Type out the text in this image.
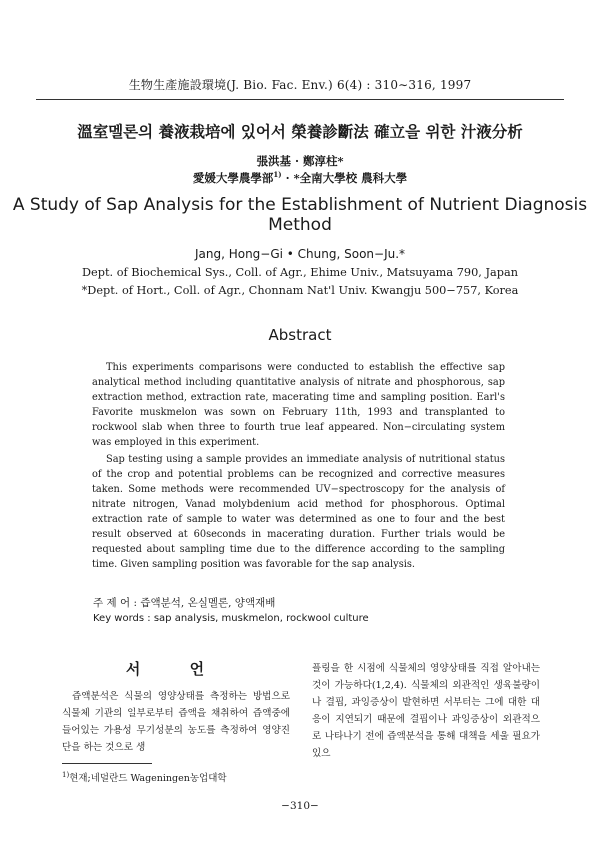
生物生產施設環境(J. Bio. Fac. Env.) 6(4) : 310∼316, 1997
溫室멜론의 養液栽培에 있어서 榮養診斷法 確立을 위한 汁液分析
張洪基 · 鄭淳柱*
愛媛大學農學部$^{1)}$ · *全南大學校 農科大學
A Study of Sap Analysis for the Establishment of Nutrient Diagnosis Method
Jang, Hong−Gi • Chung, Soon−Ju.*
Dept. of Biochemical Sys., Coll. of Agr., Ehime Univ., Matsuyama 790, Japan
*Dept. of Hort., Coll. of Agr., Chonnam Nat'l Univ. Kwangju 500−757, Korea
Abstract

This experiments comparisons were conducted to establish the effective sap analytical method including quantitative analysis of nitrate and phosphorous, sap extraction method, extraction rate, macerating time and sampling position. Earl's Favorite muskmelon was sown on February 11th, 1993 and transplanted to rockwool slab when three to fourth true leaf appeared. Non−circulating system was employed in this experiment.

Sap testing using a sample provides an immediate analysis of nutritional status of the crop and potential problems can be recognized and corrective measures taken. Some methods were recommended UV−spectroscopy for the analysis of nitrate nitrogen, Vanad molybdenium acid method for phosphorous. Optimal extraction rate of sample to water was determined as one to four and the best result observed at 60seconds in macerating duration. Further trials would be requested about sampling time due to the difference according to the sampling time. Given sampling position was favorable for the sap analysis.

주 제 어 : 즙액분석, 온실멜론, 양액재배
Key words : sap analysis, muskmelon, rockwool culture
서 언

즙액분석은 식물의 영양상태를 측정하는 방법으로 식물체 기관의 일부로부터 즙액을 채취하여 즙액중에 들어있는 가용성 무기성분의 농도를 측정하여 영양진단을 하는 것으로 생

플링을 한 시점에 식물체의 영양상태를 직접 알아내는 것이 가능하다(1,2,4). 식물체의 외관적인 생육불량이나 결핍, 과잉증상이 발현하면 서부터는 그에 대한 대응이 지연되기 때문에 결핍이나 과잉증상이 외관적으로 나타나기 전에 즙액분석을 통해 대책을 세울 필요가 있으

$^{1)}$현재;네덜란드 Wageningen농업대학
−310−
